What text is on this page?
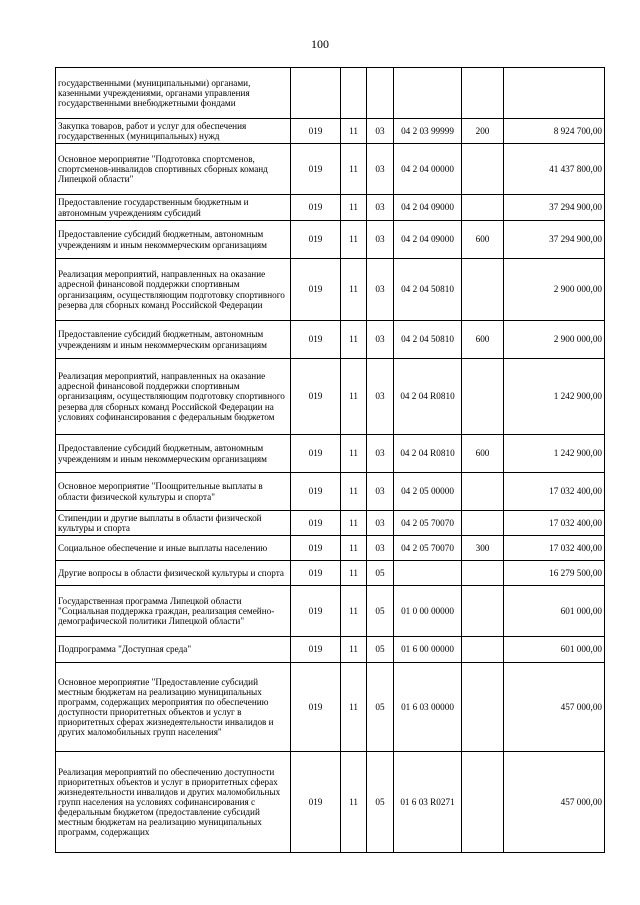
100
государственными (муниципальными) органами, казенными учреждениями, органами управления государственными внебюджетными фондами						
Закупка товаров, работ и услуг для обеспечения государственных (муниципальных) нужд	019	11	03	04 2 03 99999	200	8 924 700,00
Основное мероприятие "Подготовка спортсменов, спортсменов-инвалидов спортивных сборных команд Липецкой области"	019	11	03	04 2 04 00000		41 437 800,00
Предоставление государственным бюджетным и автономным учреждениям субсидий	019	11	03	04 2 04 09000		37 294 900,00
Предоставление субсидий бюджетным, автономным учреждениям и иным некоммерческим организациям	019	11	03	04 2 04 09000	600	37 294 900,00
Реализация мероприятий, направленных на оказание адресной финансовой поддержки спортивным организациям, осуществляющим подготовку спортивного резерва для сборных команд Российской Федерации	019	11	03	04 2 04 50810		2 900 000,00
Предоставление субсидий бюджетным, автономным учреждениям и иным некоммерческим организациям	019	11	03	04 2 04 50810	600	2 900 000,00
Реализация мероприятий, направленных на оказание адресной финансовой поддержки спортивным организациям, осуществляющим подготовку спортивного резерва для сборных команд Российской Федерации на условиях софинансирования с федеральным бюджетом	019	11	03	04 2 04 R0810		1 242 900,00
Предоставление субсидий бюджетным, автономным учреждениям и иным некоммерческим организациям	019	11	03	04 2 04 R0810	600	1 242 900,00
Основное мероприятие "Поощрительные выплаты в области физической культуры и спорта"	019	11	03	04 2 05 00000		17 032 400,00
Стипендии и другие выплаты в области физической культуры и спорта	019	11	03	04 2 05 70070		17 032 400,00
Социальное обеспечение и иные выплаты населению	019	11	03	04 2 05 70070	300	17 032 400,00
Другие вопросы в области физической культуры и спорта	019	11	05			16 279 500,00
Государственная программа Липецкой области "Социальная поддержка граждан, реализация семейно-демографической политики Липецкой области"	019	11	05	01 0 00 00000		601 000,00
Подпрограмма "Доступная среда"	019	11	05	01 6 00 00000		601 000,00
Основное мероприятие "Предоставление субсидий местным бюджетам на реализацию муниципальных программ, содержащих мероприятия по обеспечению доступности приоритетных объектов и услуг в приоритетных сферах жизнедеятельности инвалидов и других маломобильных групп населения"	019	11	05	01 6 03 00000		457 000,00
Реализация мероприятий по обеспечению доступности приоритетных объектов и услуг в приоритетных сферах жизнедеятельности инвалидов и других маломобильных групп населения на условиях софинансирования с федеральным бюджетом (предоставление субсидий местным бюджетам на реализацию муниципальных программ, содержащих	019	11	05	01 6 03 R0271		457 000,00
